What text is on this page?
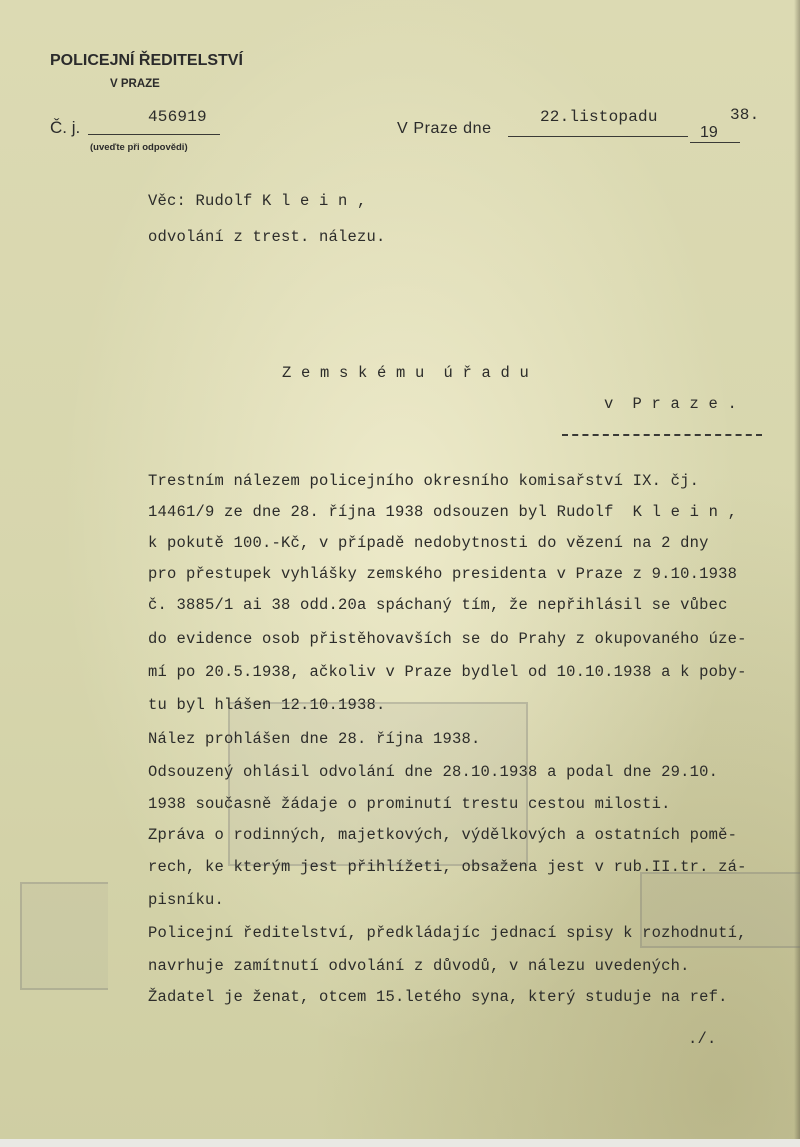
POLICEJNÍ ŘEDITELSTVÍ
V PRAZE
Č. j.
456919
(uveďte při odpovědi)
V Praze dne
22.listopadu
19
38.
Věc: Rudolf K l e i n ,
odvolání z trest. nálezu.
Z e m s k é m u  ú ř a d u
v  P r a z e .
Trestním nálezem policejního okresního komisařství IX. čj.
14461/9 ze dne 28. října 1938 odsouzen byl Rudolf  K l e i n ,
k pokutě 100.-Kč, v případě nedobytnosti do vězení na 2 dny
pro přestupek vyhlášky zemského presidenta v Praze z 9.10.1938
č. 3885/1 ai 38 odd.20a spáchaný tím, že nepřihlásil se vůbec
do evidence osob přistěhovavších se do Prahy z okupovaného úze-
mí po 20.5.1938, ačkoliv v Praze bydlel od 10.10.1938 a k poby-
tu byl hlášen 12.10.1938.
Nález prohlášen dne 28. října 1938.
Odsouzený ohlásil odvolání dne 28.10.1938 a podal dne 29.10.
1938 současně žádaje o prominutí trestu cestou milosti.
Zpráva o rodinných, majetkových, výdělkových a ostatních pomě-
rech, ke kterým jest přihlížeti, obsažena jest v rub.II.tr. zá-
pisníku.
Policejní ředitelství, předkládajíc jednací spisy k rozhodnutí,
navrhuje zamítnutí odvolání z důvodů, v nálezu uvedených.
Žadatel je ženat, otcem 15.letého syna, který studuje na ref.
./.
